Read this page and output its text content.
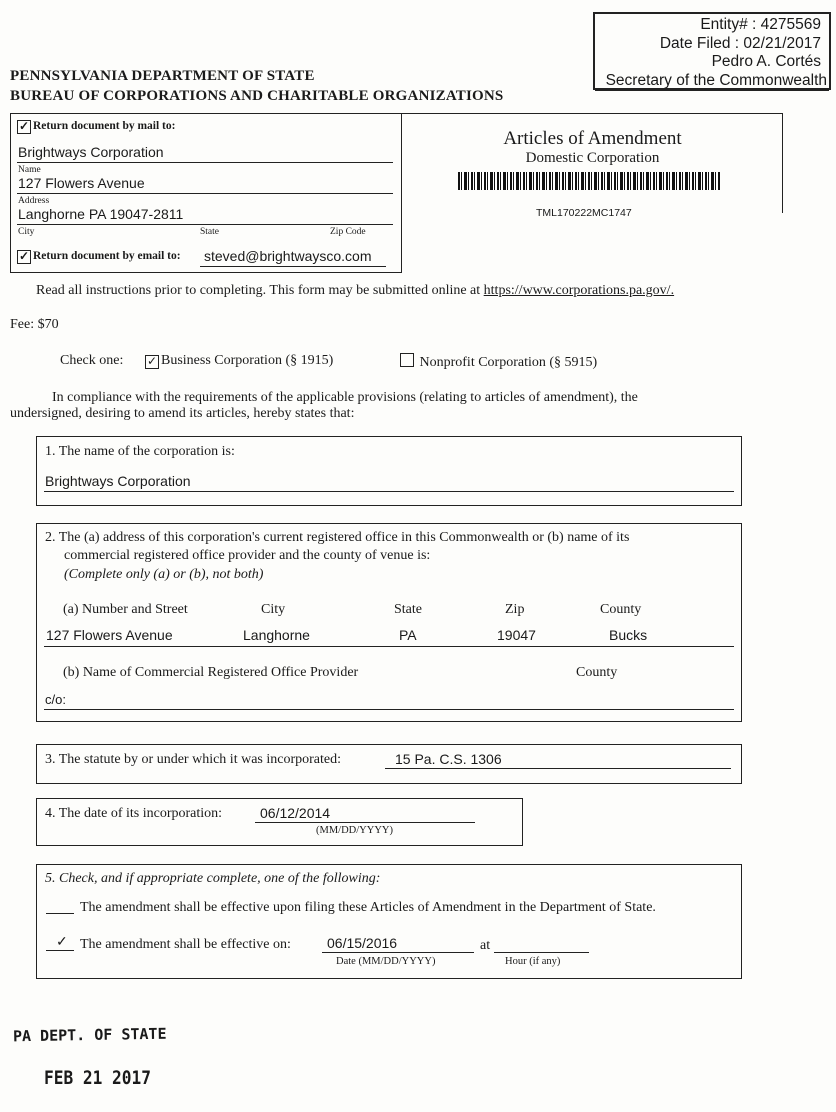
Entity# : 4275569
Date Filed : 02/21/2017
Pedro A. Cortés
Secretary of the Commonwealth
PENNSYLVANIA DEPARTMENT OF STATE
BUREAU OF CORPORATIONS AND CHARITABLE ORGANIZATIONS
✓ Return document by mail to:
Brightways Corporation
Name
127 Flowers Avenue
Address
Langhorne PA 19047-2811
City	State	Zip Code
✓ Return document by email to: steved@brightwaysco.com
Articles of Amendment
Domestic Corporation
TML170222MC1747
Read all instructions prior to completing. This form may be submitted online at https://www.corporations.pa.gov/.
Fee: $70
Check one: ✓ Business Corporation (§ 1915)	Nonprofit Corporation (§ 5915)
In compliance with the requirements of the applicable provisions (relating to articles of amendment), the
undersigned, desiring to amend its articles, hereby states that:
1. The name of the corporation is:
Brightways Corporation
2. The (a) address of this corporation's current registered office in this Commonwealth or (b) name of its
commercial registered office provider and the county of venue is:
(Complete only (a) or (b), not both)
(a) Number and Street	City	State	Zip	County
127 Flowers Avenue	Langhorne	PA	19047	Bucks
(b) Name of Commercial Registered Office Provider	County
c/o:
3. The statute by or under which it was incorporated:	15 Pa. C.S. 1306
4. The date of its incorporation:	06/12/2014
(MM/DD/YYYY)
5. Check, and if appropriate complete, one of the following:
The amendment shall be effective upon filing these Articles of Amendment in the Department of State.
✓ The amendment shall be effective on:	06/15/2016	at
Date (MM/DD/YYYY)	Hour (if any)
PA DEPT. OF STATE
FEB 21 2017
